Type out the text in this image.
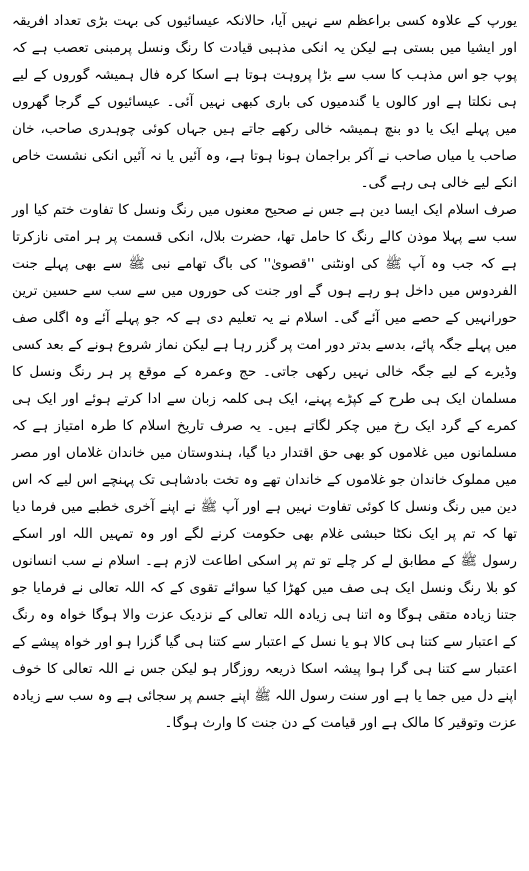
یورپ کے علاوہ کسی براعظم سے نہیں آیا، حالانکہ عیسائیوں کی بہت بڑی تعداد افریقہ اور ایشیا میں بستی ہے لیکن یہ انکی مذہبی قیادت کا رنگ ونسل پرمبنی تعصب ہے کہ پوپ جو اس مذہب کا سب سے بڑا پروہت ہوتا ہے اسکا کرہ فال ہمیشہ گوروں کے لیے ہی نکلتا ہے اور کالوں یا گندمیوں کی باری کبھی نہیں آئی۔ عیسائیوں کے گرجا گھروں میں پہلے ایک یا دو بنچ ہمیشہ خالی رکھے جاتے ہیں جہاں کوئی چوہدری صاحب، خان صاحب یا میاں صاحب نے آکر براجمان ہونا ہوتا ہے، وہ آئیں یا نہ آئیں انکی نشست خاص انکے لیے خالی ہی رہے گی۔

صرف اسلام ایک ایسا دین ہے جس نے صحیح معنوں میں رنگ ونسل کا تفاوت ختم کیا اور سب سے پہلا موذن کالے رنگ کا حامل تھا، حضرت بلال، انکی قسمت پر ہر امتی نازکرتا ہے کہ جب وہ آپ ﷺ کی اونٹنی ''قصویٰ'' کی باگ تھامے نبی ﷺ سے بھی پہلے جنت الفردوس میں داخل ہو رہے ہوں گے اور جنت کی حوروں میں سے سب سے حسین ترین حورانہیں کے حصے میں آئے گی۔ اسلام نے یہ تعلیم دی ہے کہ جو پہلے آئے وہ اگلی صف میں پہلے جگہ پائے، بدسے بدتر دور امت پر گزر رہا ہے لیکن نماز شروع ہونے کے بعد کسی وڈیرے کے لیے جگہ خالی نہیں رکھی جاتی۔ حج وعمرہ کے موقع پر ہر رنگ ونسل کا مسلمان ایک ہی طرح کے کپڑے پہنے، ایک ہی کلمہ زبان سے ادا کرتے ہوئے اور ایک ہی کمرے کے گرد ایک رخ میں چکر لگاتے ہیں۔ یہ صرف تاریخ اسلام کا طرہ امتیاز ہے کہ مسلمانوں میں غلاموں کو بھی حق اقتدار دیا گیا، ہندوستان میں خاندان غلاماں اور مصر میں مملوک خاندان جو غلاموں کے خاندان تھے وہ تخت بادشاہی تک پہنچے اس لیے کہ اس دین میں رنگ ونسل کا کوئی تفاوت نہیں ہے اور آپ ﷺ نے اپنے آخری خطبے میں فرما دیا تھا کہ تم پر ایک نکٹا حبشی غلام بھی حکومت کرنے لگے اور وہ تمہیں اللہ اور اسکے رسول ﷺ کے مطابق لے کر چلے تو تم پر اسکی اطاعت لازم ہے۔ اسلام نے سب انسانوں کو بلا رنگ ونسل ایک ہی صف میں کھڑا کیا سوائے تقوی کے کہ اللہ تعالی نے فرمایا جو جتنا زیادہ متقی ہوگا وہ اتنا ہی زیادہ اللہ تعالی کے نزدیک عزت والا ہوگا خواہ وہ رنگ کے اعتبار سے کتنا ہی کالا ہو یا نسل کے اعتبار سے کتنا ہی گیا گزرا ہو اور خواہ پیشے کے اعتبار سے کتنا ہی گرا ہوا پیشہ اسکا ذریعہ روزگار ہو لیکن جس نے اللہ تعالی کا خوف اپنے دل میں جما یا ہے اور سنت رسول اللہ ﷺ اپنے جسم پر سجائی ہے وہ سب سے زیادہ عزت وتوقیر کا مالک ہے اور قیامت کے دن جنت کا وارث ہوگا۔
